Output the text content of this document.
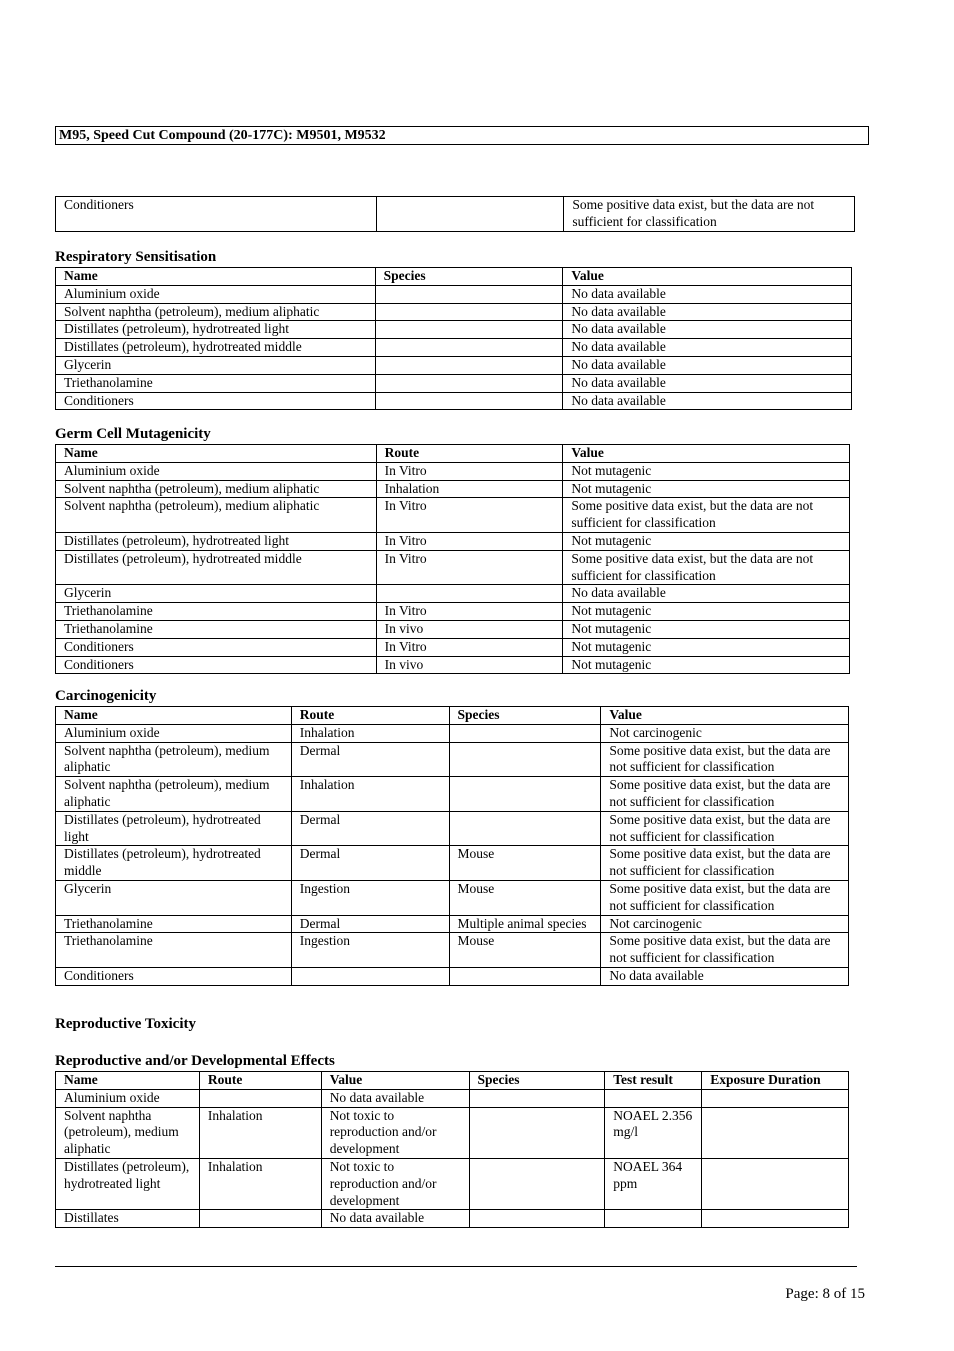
M95, Speed Cut Compound (20-177C): M9501, M9532
Conditioners		Some positive data exist, but the data are not sufficient for classification
Respiratory Sensitisation
Name	Species	Value
Aluminium oxide		No data available
Solvent naphtha (petroleum), medium aliphatic		No data available
Distillates (petroleum), hydrotreated light		No data available
Distillates (petroleum), hydrotreated middle		No data available
Glycerin		No data available
Triethanolamine		No data available
Conditioners		No data available
Germ Cell Mutagenicity
Name	Route	Value
Aluminium oxide	In Vitro	Not mutagenic
Solvent naphtha (petroleum), medium aliphatic	Inhalation	Not mutagenic
Solvent naphtha (petroleum), medium aliphatic	In Vitro	Some positive data exist, but the data are not sufficient for classification
Distillates (petroleum), hydrotreated light	In Vitro	Not mutagenic
Distillates (petroleum), hydrotreated middle	In Vitro	Some positive data exist, but the data are not sufficient for classification
Glycerin		No data available
Triethanolamine	In Vitro	Not mutagenic
Triethanolamine	In vivo	Not mutagenic
Conditioners	In Vitro	Not mutagenic
Conditioners	In vivo	Not mutagenic
Carcinogenicity
Name	Route	Species	Value
Aluminium oxide	Inhalation		Not carcinogenic
Solvent naphtha (petroleum), medium aliphatic	Dermal		Some positive data exist, but the data are not sufficient for classification
Solvent naphtha (petroleum), medium aliphatic	Inhalation		Some positive data exist, but the data are not sufficient for classification
Distillates (petroleum), hydrotreated light	Dermal		Some positive data exist, but the data are not sufficient for classification
Distillates (petroleum), hydrotreated middle	Dermal	Mouse	Some positive data exist, but the data are not sufficient for classification
Glycerin	Ingestion	Mouse	Some positive data exist, but the data are not sufficient for classification
Triethanolamine	Dermal	Multiple animal species	Not carcinogenic
Triethanolamine	Ingestion	Mouse	Some positive data exist, but the data are not sufficient for classification
Conditioners			No data available
Reproductive Toxicity
Reproductive and/or Developmental Effects
Name	Route	Value	Species	Test result	Exposure Duration
Aluminium oxide		No data available			
Solvent naphtha (petroleum), medium aliphatic	Inhalation	Not toxic to reproduction and/or development		NOAEL 2.356 mg/l	
Distillates (petroleum), hydrotreated light	Inhalation	Not toxic to reproduction and/or development		NOAEL 364 ppm	
Distillates		No data available			
Page: 8 of 15
